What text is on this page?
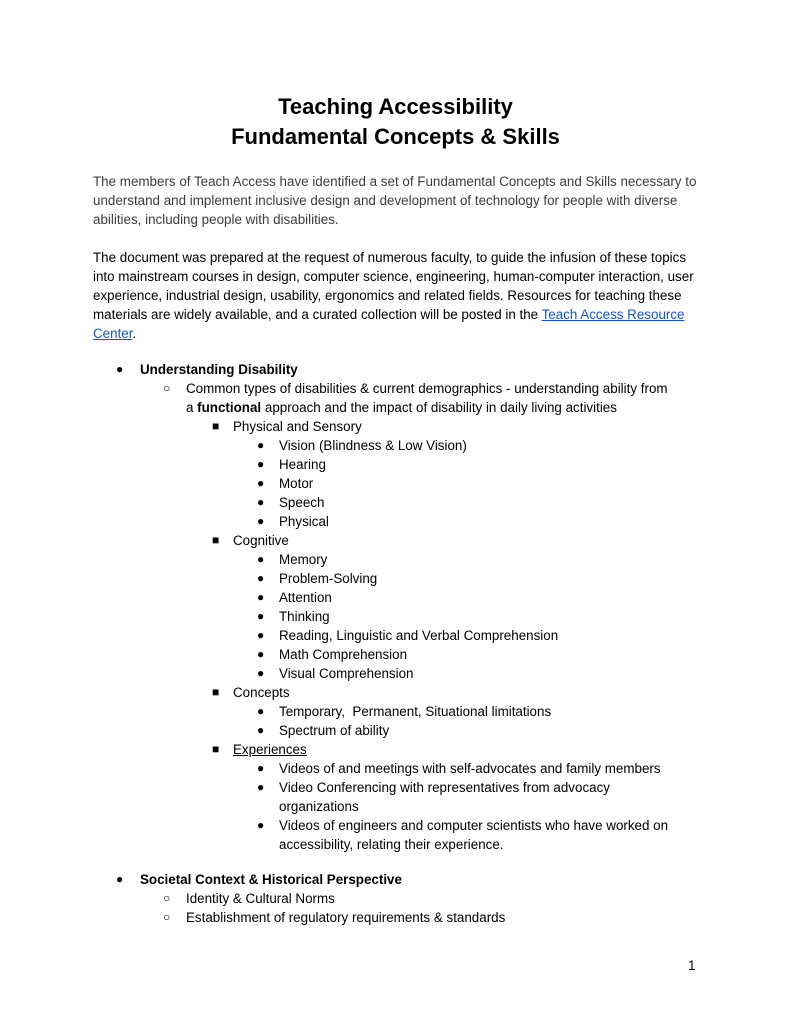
Teaching Accessibility
Fundamental Concepts & Skills
The members of Teach Access have identified a set of Fundamental Concepts and Skills necessary to understand and implement inclusive design and development of technology for people with diverse abilities, including people with disabilities.
The document was prepared at the request of numerous faculty, to guide the infusion of these topics into mainstream courses in design, computer science, engineering, human-computer interaction, user experience, industrial design, usability, ergonomics and related fields. Resources for teaching these materials are widely available, and a curated collection will be posted in the Teach Access Resource Center.
● Understanding Disability
○ Common types of disabilities & current demographics - understanding ability from
a functional approach and the impact of disability in daily living activities
■ Physical and Sensory
● Vision (Blindness & Low Vision)
● Hearing
● Motor
● Speech
● Physical
■ Cognitive
● Memory
● Problem-Solving
● Attention
● Thinking
● Reading, Linguistic and Verbal Comprehension
● Math Comprehension
● Visual Comprehension
■ Concepts
● Temporary,  Permanent, Situational limitations
● Spectrum of ability
■ Experiences
● Videos of and meetings with self-advocates and family members
● Video Conferencing with representatives from advocacy
organizations
● Videos of engineers and computer scientists who have worked on
accessibility, relating their experience.
● Societal Context & Historical Perspective
○ Identity & Cultural Norms
○ Establishment of regulatory requirements & standards
1
